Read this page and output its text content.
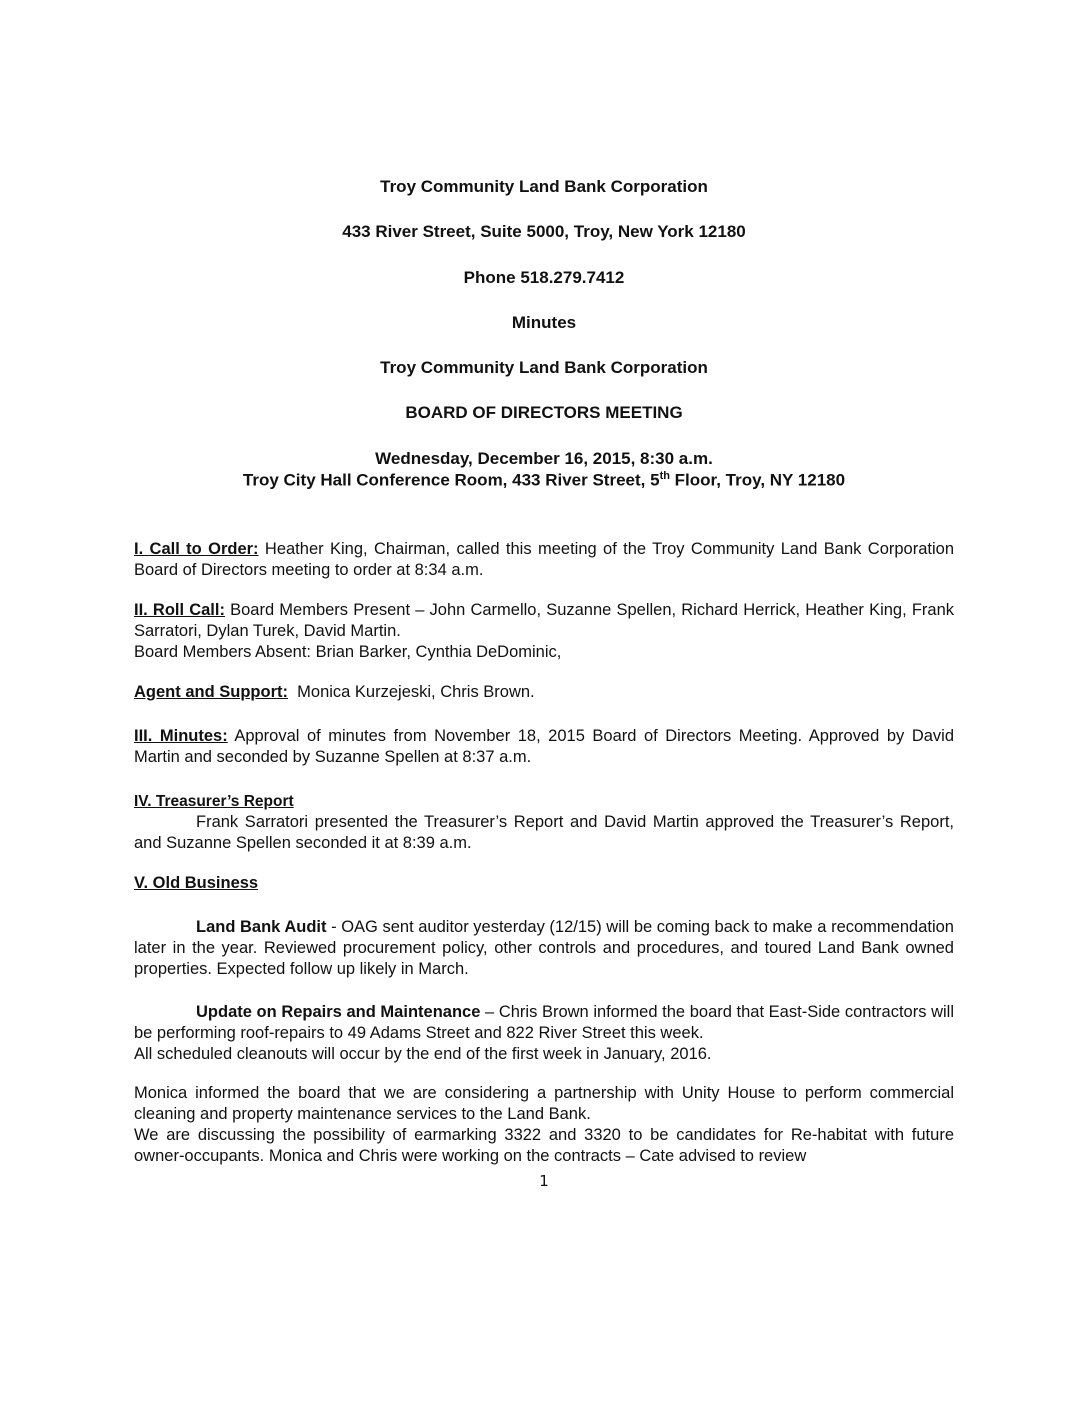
Troy Community Land Bank Corporation
433 River Street, Suite 5000, Troy, New York 12180
Phone 518.279.7412
Minutes
Troy Community Land Bank Corporation
BOARD OF DIRECTORS MEETING
Wednesday, December 16, 2015, 8:30 a.m.
Troy City Hall Conference Room, 433 River Street, 5th Floor, Troy, NY 12180

I. Call to Order: Heather King, Chairman, called this meeting of the Troy Community Land Bank Corporation Board of Directors meeting to order at 8:34 a.m.

II. Roll Call: Board Members Present – John Carmello, Suzanne Spellen, Richard Herrick, Heather King, Frank Sarratori, Dylan Turek, David Martin.

Board Members Absent: Brian Barker, Cynthia DeDominic,

Agent and Support:  Monica Kurzejeski, Chris Brown.

III. Minutes: Approval of minutes from November 18, 2015 Board of Directors Meeting. Approved by David Martin and seconded by Suzanne Spellen at 8:37 a.m.

IV. Treasurer’s Report

Frank Sarratori presented the Treasurer’s Report and David Martin approved the Treasurer’s Report, and Suzanne Spellen seconded it at 8:39 a.m.

V. Old Business

Land Bank Audit - OAG sent auditor yesterday (12/15) will be coming back to make a recommendation later in the year. Reviewed procurement policy, other controls and procedures, and toured Land Bank owned properties. Expected follow up likely in March.

Update on Repairs and Maintenance – Chris Brown informed the board that East-Side contractors will be performing roof-repairs to 49 Adams Street and 822 River Street this week.

All scheduled cleanouts will occur by the end of the first week in January, 2016.

Monica informed the board that we are considering a partnership with Unity House to perform commercial cleaning and property maintenance services to the Land Bank.

We are discussing the possibility of earmarking 3322 and 3320 to be candidates for Re-habitat with future owner-occupants. Monica and Chris were working on the contracts – Cate advised to review

1
